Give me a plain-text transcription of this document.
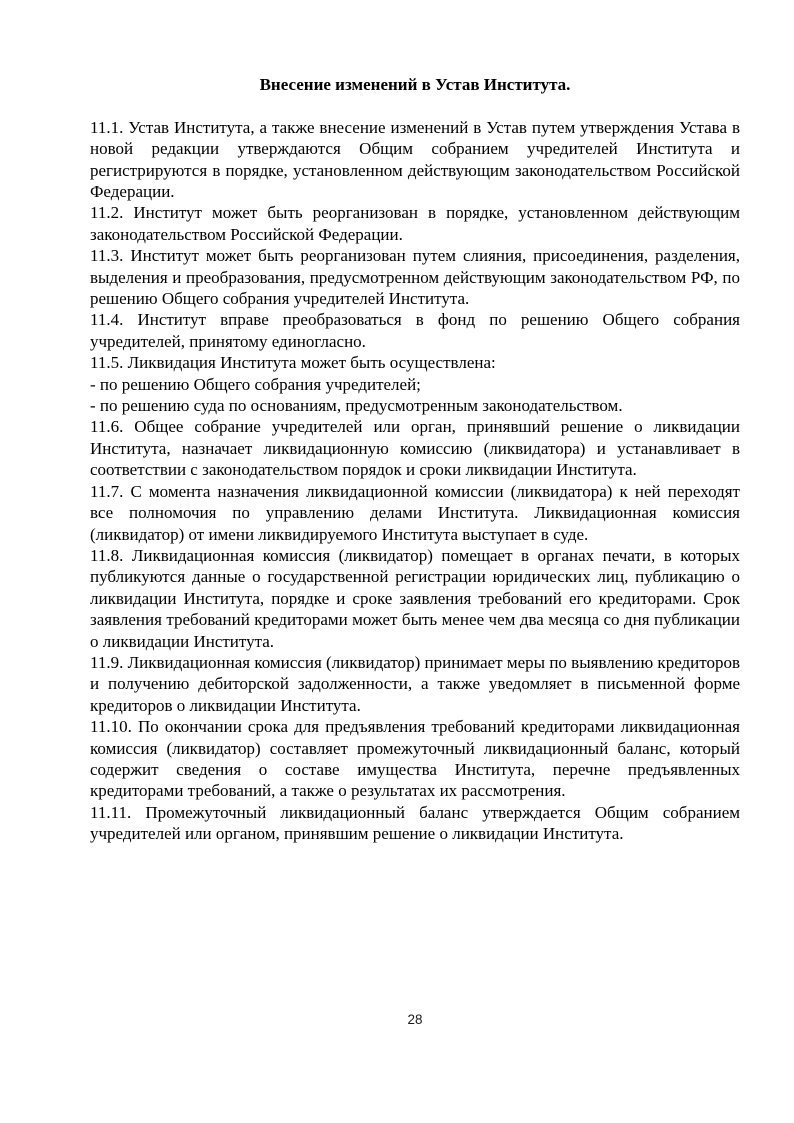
Внесение изменений в Устав Института.

11.1. Устав Института, а также внесение изменений в Устав путем утверждения Устава в новой редакции утверждаются Общим собранием учредителей Института и регистрируются в порядке, установленном действующим законодательством Российской Федерации.

11.2. Институт может быть реорганизован в порядке, установленном действующим законодательством Российской Федерации.

11.3. Институт может быть реорганизован путем слияния, присоединения, разделения, выделения и преобразования, предусмотренном действующим законодательством РФ, по решению Общего собрания учредителей Института.

11.4. Институт вправе преобразоваться в фонд по решению Общего собрания учредителей, принятому единогласно.

11.5. Ликвидация Института может быть осуществлена:

- по решению Общего собрания учредителей;

- по решению суда по основаниям, предусмотренным законодательством.

11.6. Общее собрание учредителей или орган, принявший решение о ликвидации Института, назначает ликвидационную комиссию (ликвидатора) и устанавливает в соответствии с законодательством порядок и сроки ликвидации Института.

11.7. С момента назначения ликвидационной комиссии (ликвидатора) к ней переходят все полномочия по управлению делами Института. Ликвидационная комиссия (ликвидатор) от имени ликвидируемого Института выступает в суде.

11.8. Ликвидационная комиссия (ликвидатор) помещает в органах печати, в которых публикуются данные о государственной регистрации юридических лиц, публикацию о ликвидации Института, порядке и сроке заявления требований его кредиторами. Срок заявления требований кредиторами может быть менее чем два месяца со дня публикации о ликвидации Института.

11.9. Ликвидационная комиссия (ликвидатор) принимает меры по выявлению кредиторов и получению дебиторской задолженности, а также уведомляет в письменной форме кредиторов о ликвидации Института.

11.10. По окончании срока для предъявления требований кредиторами ликвидационная комиссия (ликвидатор) составляет промежуточный ликвидационный баланс, который содержит сведения о составе имущества Института, перечне предъявленных кредиторами требований, а также о результатах их рассмотрения.

11.11. Промежуточный ликвидационный баланс утверждается Общим собранием учредителей или органом, принявшим решение о ликвидации Института.

28
